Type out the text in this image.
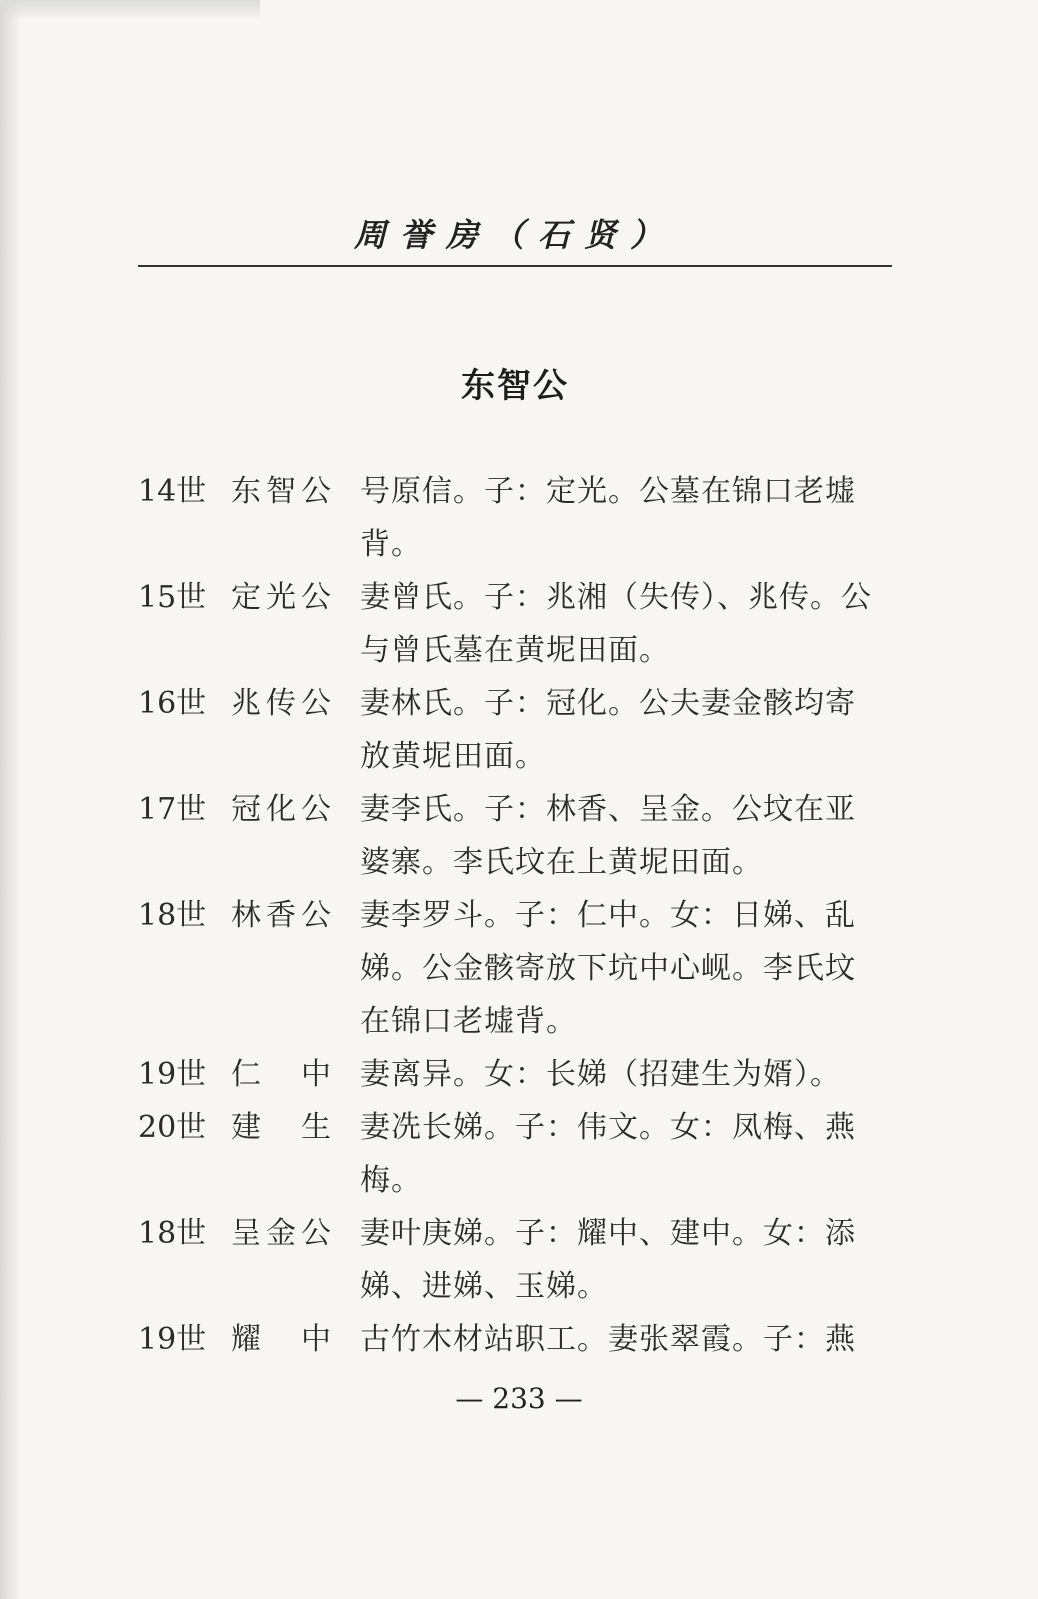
周誉房（石贤）
东智公
14世 东智公 号原信。子：定光。公墓在锦口老墟背。
15世 定光公 妻曾氏。子：兆湘（失传）、兆传。公与曾氏墓在黄坭田面。
16世 兆传公 妻林氏。子：冠化。公夫妻金骸均寄放黄坭田面。
17世 冠化公 妻李氏。子：林香、呈金。公坟在亚婆寨。李氏坟在上黄坭田面。
18世 林香公 妻李罗斗。子：仁中。女：日娣、乱娣。公金骸寄放下坑中心岘。李氏坟在锦口老墟背。
19世 仁　中 妻离异。女：长娣（招建生为婿）。
20世 建　生 妻冼长娣。子：伟文。女：凤梅、燕梅。
18世 呈金公 妻叶庚娣。子：耀中、建中。女：添娣、进娣、玉娣。
19世 耀　中 古竹木材站职工。妻张翠霞。子：燕
— 233 —
